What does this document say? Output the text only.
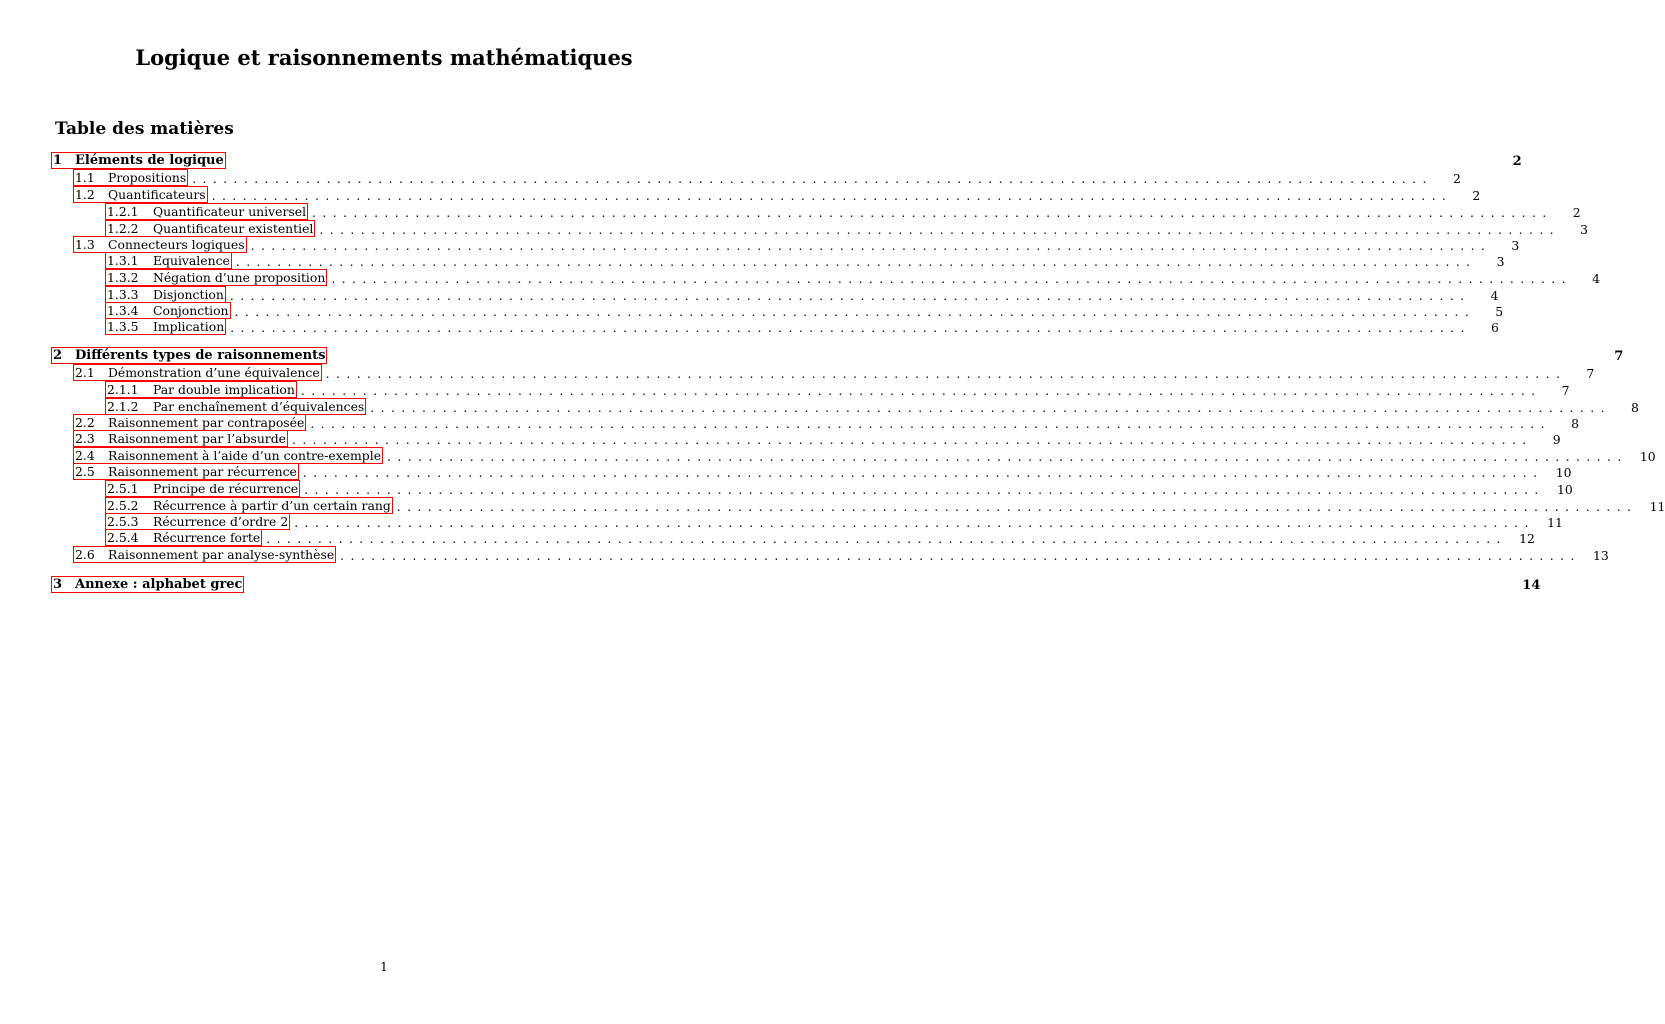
Logique et raisonnements mathématiques
Table des matières
1 Eléments de logique	2
1.1	Propositions ........................................................................................................................	2
1.2	Quantificateurs ........................................................................................................................	2
1.2.1	Quantificateur universel ........................................................................................................................	2
1.2.2	Quantificateur existentiel ........................................................................................................................	3
1.3	Connecteurs logiques ........................................................................................................................	3
1.3.1	Equivalence ........................................................................................................................	3
1.3.2	Négation d’une proposition ........................................................................................................................	4
1.3.3	Disjonction ........................................................................................................................	4
1.3.4	Conjonction ........................................................................................................................	5
1.3.5	Implication ........................................................................................................................	6
2 Différents types de raisonnements	7
2.1	Démonstration d’une équivalence ........................................................................................................................	7
2.1.1	Par double implication ........................................................................................................................	7
2.1.2	Par enchaînement d’équivalences ........................................................................................................................	8
2.2	Raisonnement par contraposée ........................................................................................................................	8
2.3	Raisonnement par l’absurde ........................................................................................................................	9
2.4	Raisonnement à l’aide d’un contre-exemple ........................................................................................................................ 10
2.5	Raisonnement par récurrence ........................................................................................................................ 10
2.5.1	Principe de récurrence ........................................................................................................................ 10
2.5.2	Récurrence à partir d’un certain rang ........................................................................................................................ 11
2.5.3	Récurrence d’ordre 2 ........................................................................................................................ 11
2.5.4	Récurrence forte ........................................................................................................................ 12
2.6	Raisonnement par analyse-synthèse ........................................................................................................................ 13
3 Annexe : alphabet grec	14
1
